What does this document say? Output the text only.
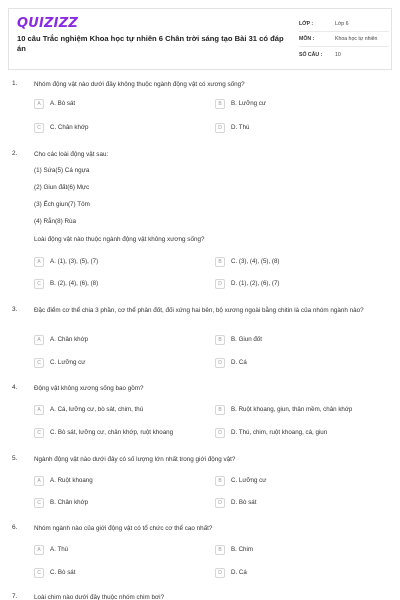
QUIZIZZ
10 câu Trắc nghiệm Khoa học tự nhiên 6 Chân trời sáng tạo Bài 31 có đáp án
LỚP :	Lớp 6
MÔN :	Khoa học tự nhiên
SỐ CÂU :	10
1.	Nhóm động vật nào dưới đây không thuộc ngành động vật có xương sống?
A	A. Bò sát	B	B. Lưỡng cư
C	C. Chân khớp	D	D. Thú
2.	Cho các loài động vật sau:
(1) Sứa(5) Cá ngựa
(2) Giun đất(6) Mực
(3) Ếch giun(7) Tôm
(4) Rắn(8) Rùa
Loài động vật nào thuộc ngành động vật không xương sống?
A	A. (1), (3), (5), (7)	B	C. (3), (4), (5), (8)
C	B. (2), (4), (6), (8)	D	D. (1), (2), (6), (7)
3.	Đặc điểm cơ thể chia 3 phần, cơ thể phân đốt, đối xứng hai bên, bộ xương ngoài bằng chitin là của nhóm ngành nào?
A	A. Chân khớp	B	B. Giun đốt
C	C. Lưỡng cư	D	D. Cá
4.	Động vật không xương sống bao gồm?
A	A. Cá, lưỡng cư, bò sát, chim, thú	B	B. Ruột khoang, giun, thân mềm, chân khớp
C	C. Bò sát, lưỡng cư, chân khớp, ruột khoang	D	D. Thú, chim, ruột khoang, cá, giun
5.	Ngành động vật nào dưới đây có số lượng lớn nhất trong giới động vật?
A	A. Ruột khoang	B	C. Lưỡng cư
C	B. Chân khớp	D	D. Bò sát
6.	Nhóm ngành nào của giới động vật có tổ chức cơ thể cao nhất?
A	A. Thú	B	B. Chim
C	C. Bò sát	D	D. Cá
7.	Loài chim nào dưới đây thuộc nhóm chim bơi?
